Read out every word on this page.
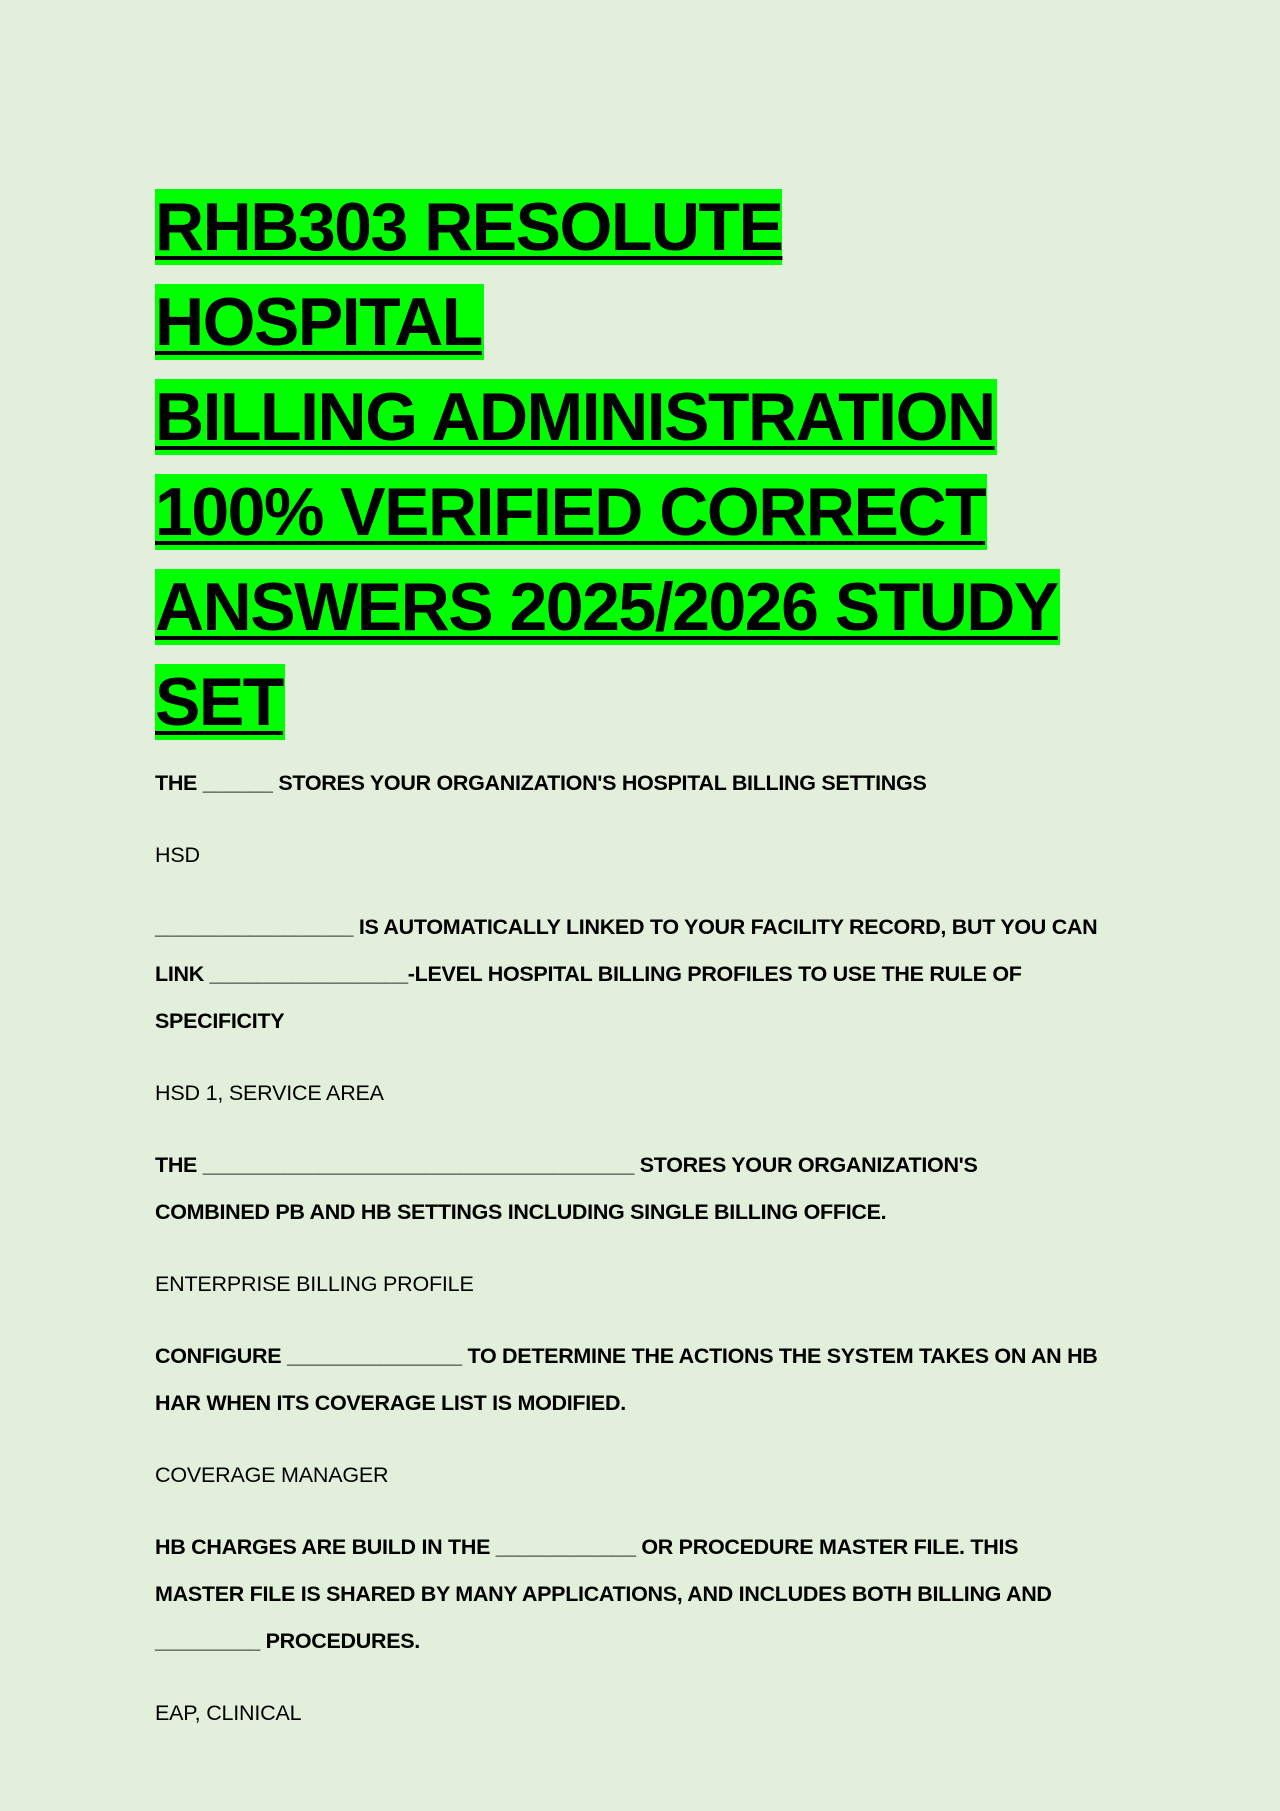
RHB303 RESOLUTE HOSPITAL
BILLING ADMINISTRATION
100% VERIFIED CORRECT
ANSWERS 2025/2026 STUDY
SET

THE ______ STORES YOUR ORGANIZATION'S HOSPITAL BILLING SETTINGS

HSD

_________________ IS AUTOMATICALLY LINKED TO YOUR FACILITY RECORD, BUT YOU CAN
LINK _________________-LEVEL HOSPITAL BILLING PROFILES TO USE THE RULE OF
SPECIFICITY

HSD 1, SERVICE AREA

THE _____________________________________ STORES YOUR ORGANIZATION'S
COMBINED PB AND HB SETTINGS INCLUDING SINGLE BILLING OFFICE.

ENTERPRISE BILLING PROFILE

CONFIGURE _______________ TO DETERMINE THE ACTIONS THE SYSTEM TAKES ON AN HB
HAR WHEN ITS COVERAGE LIST IS MODIFIED.

COVERAGE MANAGER

HB CHARGES ARE BUILD IN THE ____________ OR PROCEDURE MASTER FILE. THIS
MASTER FILE IS SHARED BY MANY APPLICATIONS, AND INCLUDES BOTH BILLING AND
_________ PROCEDURES.

EAP, CLINICAL
